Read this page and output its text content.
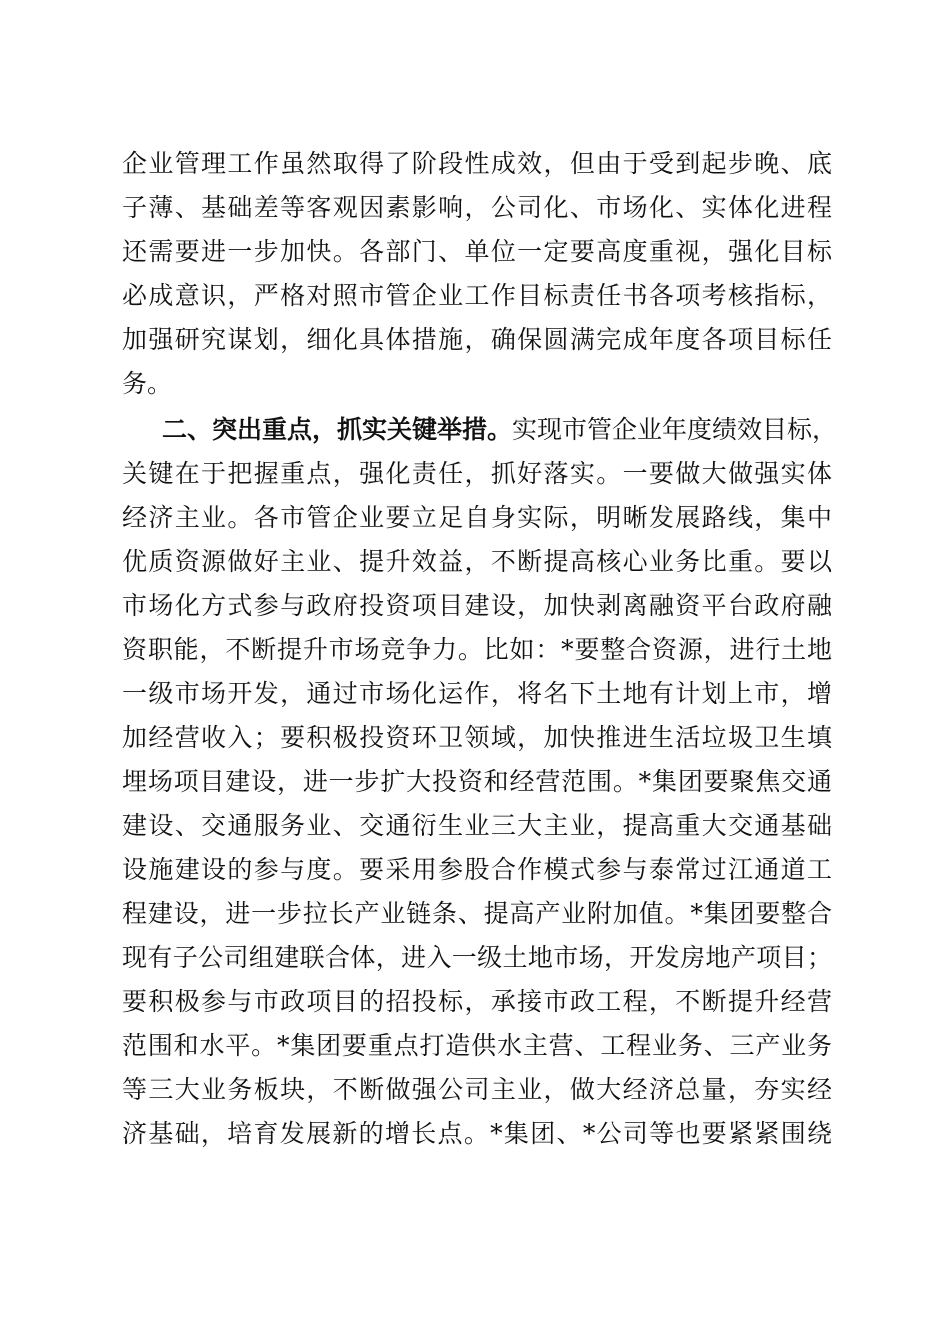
企业管理工作虽然取得了阶段性成效，但由于受到起步晚、底
子薄、基础差等客观因素影响，公司化、市场化、实体化进程
还需要进一步加快。各部门、单位一定要高度重视，强化目标
必成意识，严格对照市管企业工作目标责任书各项考核指标，
加强研究谋划，细化具体措施，确保圆满完成年度各项目标任
务。
二、突出重点，抓实关键举措。实现市管企业年度绩效目标，
关键在于把握重点，强化责任，抓好落实。一要做大做强实体
经济主业。各市管企业要立足自身实际，明晰发展路线，集中
优质资源做好主业、提升效益，不断提高核心业务比重。要以
市场化方式参与政府投资项目建设，加快剥离融资平台政府融
资职能，不断提升市场竞争力。比如：*要整合资源，进行土地
一级市场开发，通过市场化运作，将名下土地有计划上市，增
加经营收入；要积极投资环卫领域，加快推进生活垃圾卫生填
埋场项目建设，进一步扩大投资和经营范围。*集团要聚焦交通
建设、交通服务业、交通衍生业三大主业，提高重大交通基础
设施建设的参与度。要采用参股合作模式参与泰常过江通道工
程建设，进一步拉长产业链条、提高产业附加值。*集团要整合
现有子公司组建联合体，进入一级土地市场，开发房地产项目；
要积极参与市政项目的招投标，承接市政工程，不断提升经营
范围和水平。*集团要重点打造供水主营、工程业务、三产业务
等三大业务板块，不断做强公司主业，做大经济总量，夯实经
济基础，培育发展新的增长点。*集团、*公司等也要紧紧围绕
